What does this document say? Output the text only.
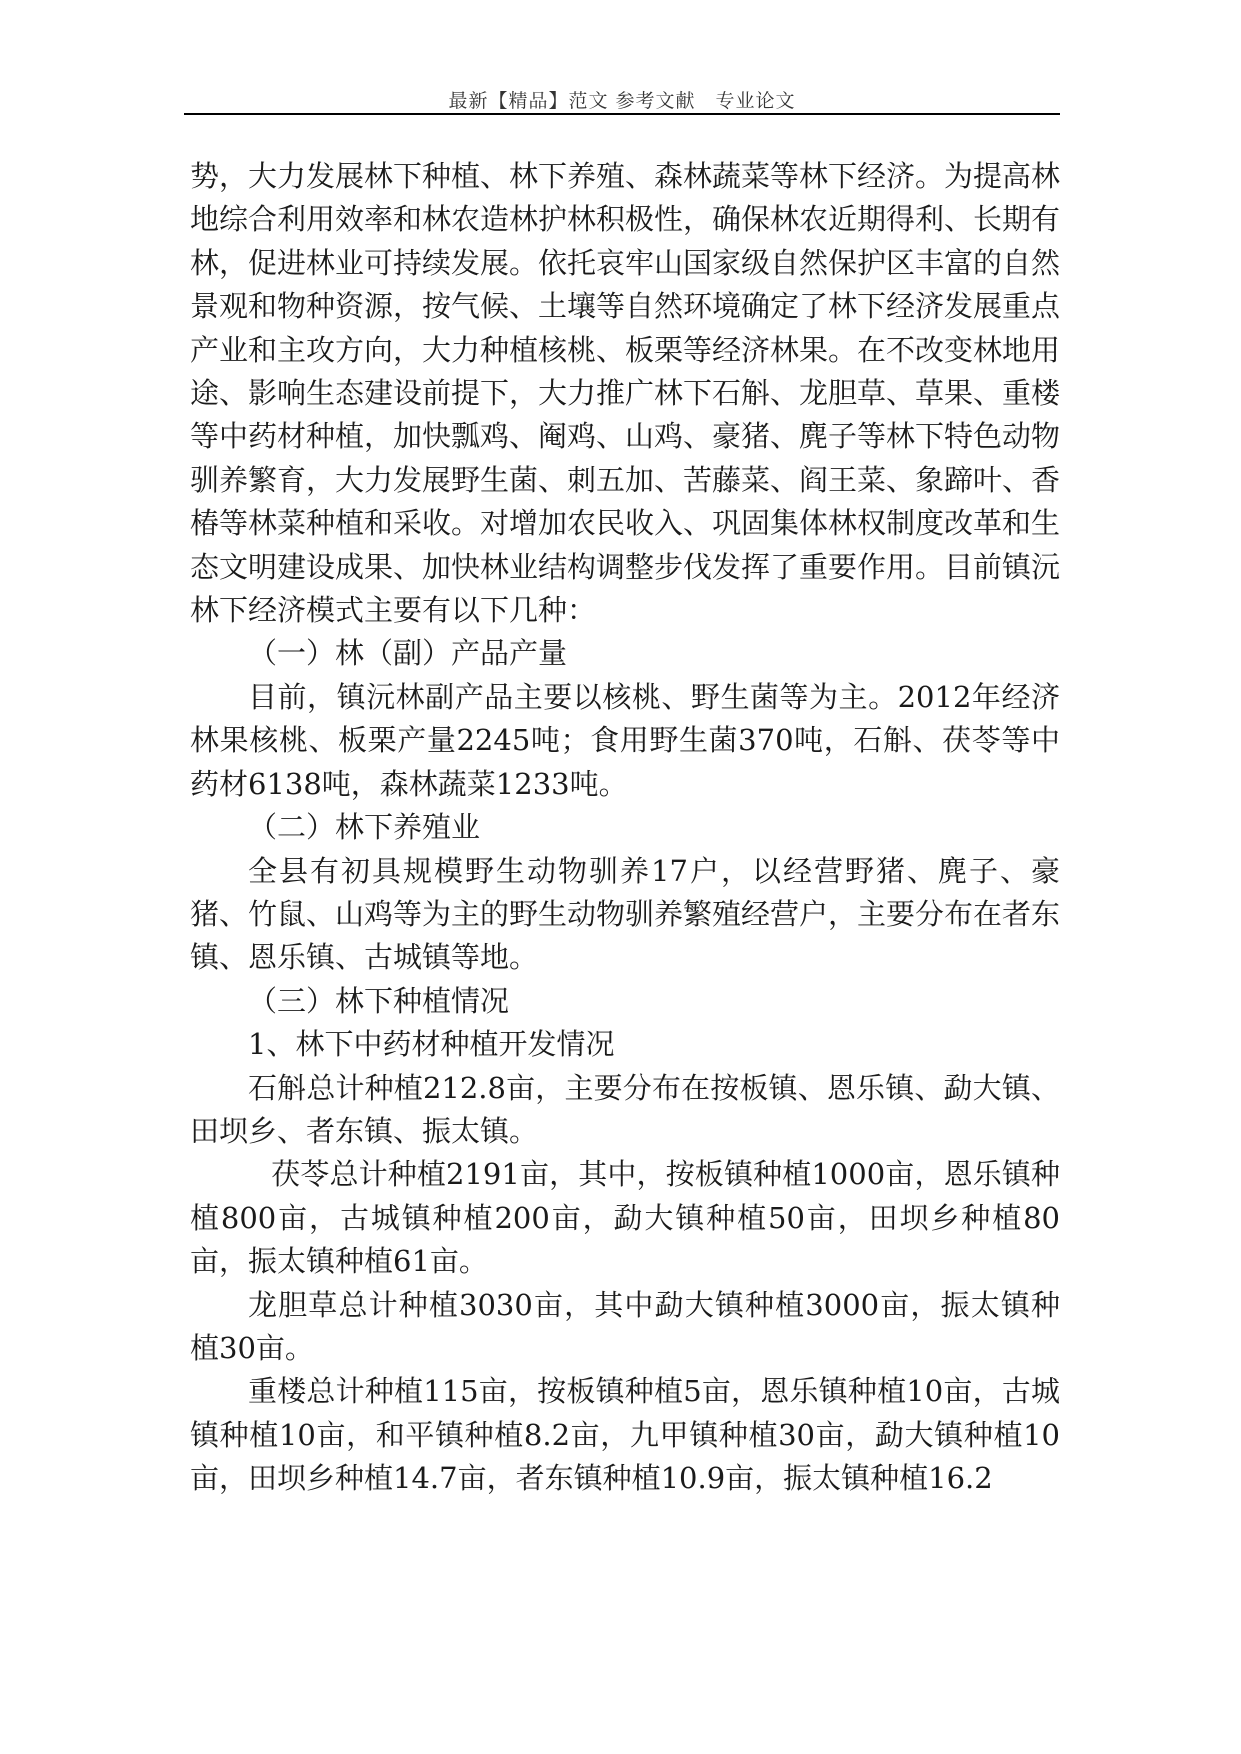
最新【精品】范文 参考文献　专业论文

势，大力发展林下种植、林下养殖、森林蔬菜等林下经济。为提高林地综合利用效率和林农造林护林积极性，确保林农近期得利、长期有林，促进林业可持续发展。依托哀牢山国家级自然保护区丰富的自然景观和物种资源，按气候、土壤等自然环境确定了林下经济发展重点产业和主攻方向，大力种植核桃、板栗等经济林果。在不改变林地用途、影响生态建设前提下，大力推广林下石斛、龙胆草、草果、重楼等中药材种植，加快瓢鸡、阉鸡、山鸡、豪猪、麂子等林下特色动物驯养繁育，大力发展野生菌、刺五加、苦藤菜、阎王菜、象蹄叶、香椿等林菜种植和采收。对增加农民收入、巩固集体林权制度改革和生态文明建设成果、加快林业结构调整步伐发挥了重要作用。目前镇沅林下经济模式主要有以下几种：

（一）林（副）产品产量

目前，镇沅林副产品主要以核桃、野生菌等为主。2012年经济林果核桃、板栗产量2245吨；食用野生菌370吨，石斛、茯苓等中药材6138吨，森林蔬菜1233吨。

（二）林下养殖业

全县有初具规模野生动物驯养17户，以经营野猪、麂子、豪猪、竹鼠、山鸡等为主的野生动物驯养繁殖经营户，主要分布在者东镇、恩乐镇、古城镇等地。

（三）林下种植情况

1、林下中药材种植开发情况

石斛总计种植212.8亩，主要分布在按板镇、恩乐镇、勐大镇、田坝乡、者东镇、振太镇。

茯苓总计种植2191亩，其中，按板镇种植1000亩，恩乐镇种植800亩，古城镇种植200亩，勐大镇种植50亩，田坝乡种植80亩，振太镇种植61亩。

龙胆草总计种植3030亩，其中勐大镇种植3000亩，振太镇种植30亩。

重楼总计种植115亩，按板镇种植5亩，恩乐镇种植10亩，古城镇种植10亩，和平镇种植8.2亩，九甲镇种植30亩，勐大镇种植10亩，田坝乡种植14.7亩，者东镇种植10.9亩，振太镇种植16.2
